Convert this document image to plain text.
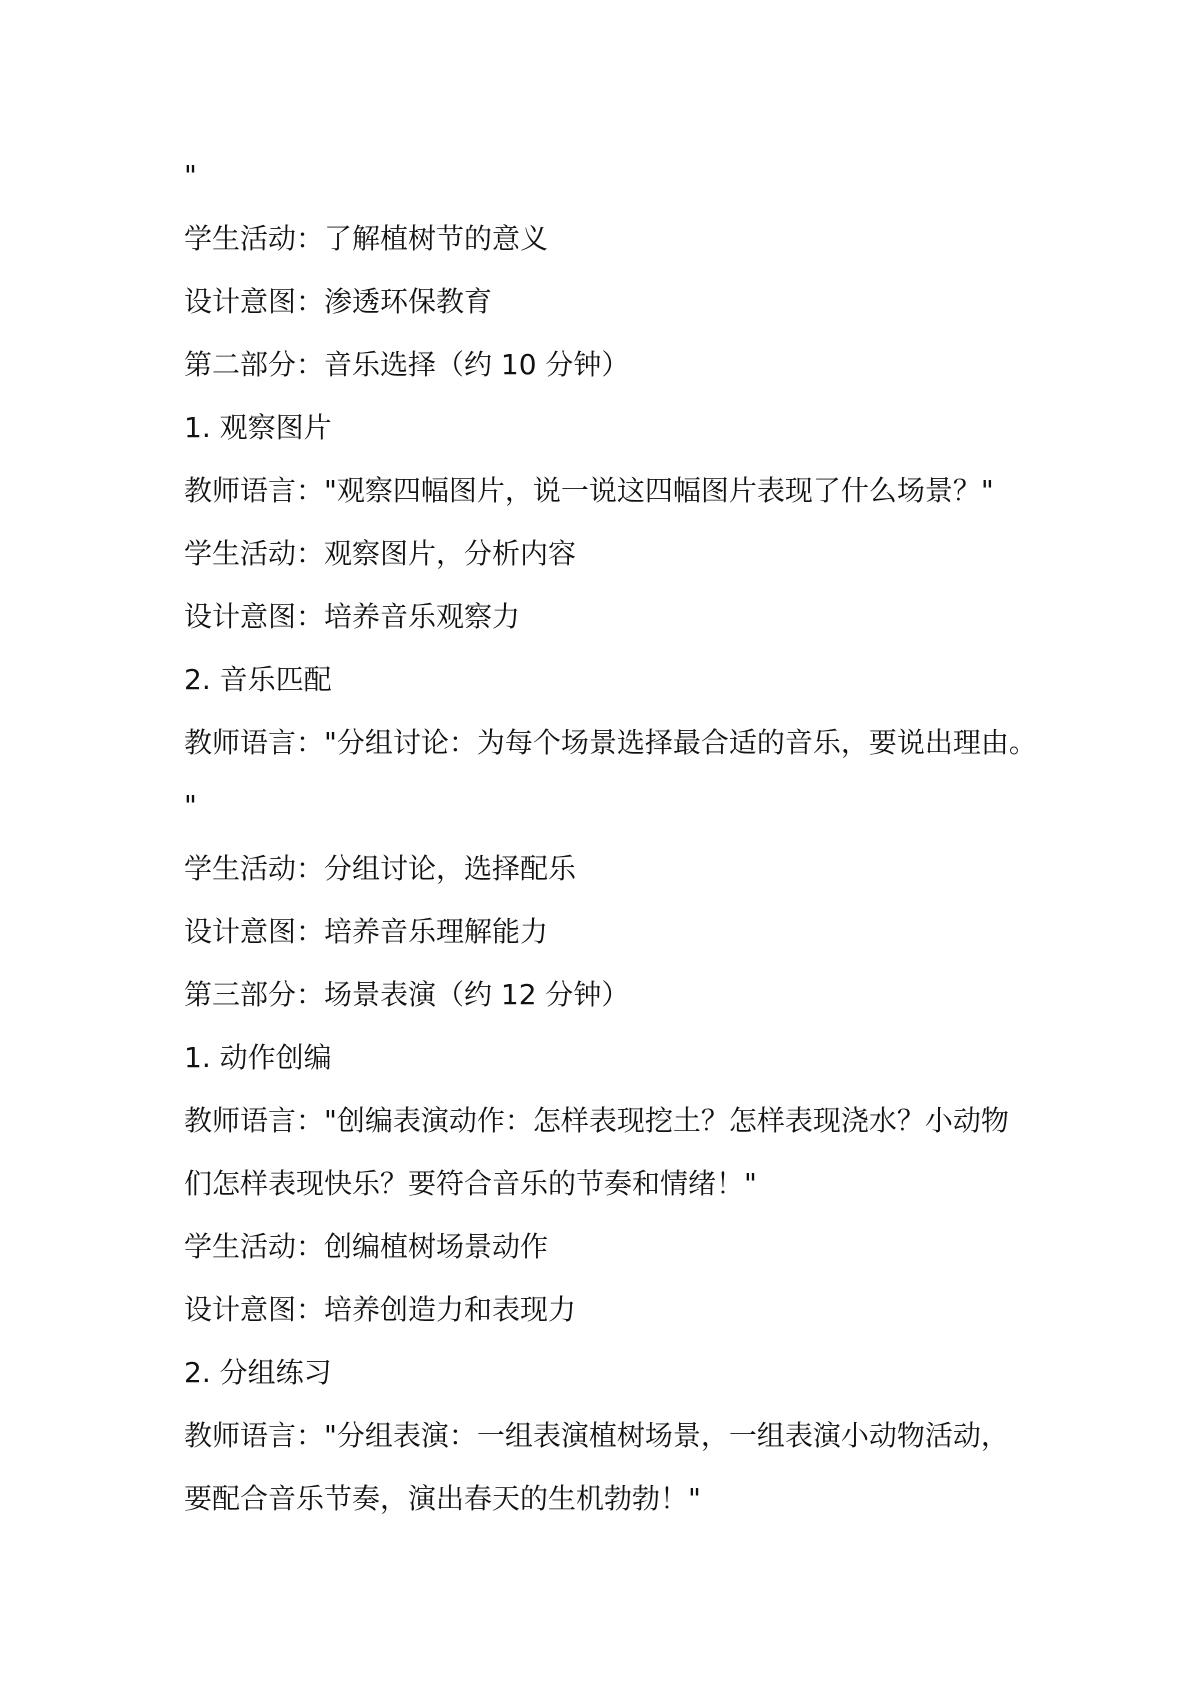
"
学生活动：了解植树节的意义
设计意图：渗透环保教育
第二部分：音乐选择（约 10 分钟）
1. 观察图片
教师语言："观察四幅图片，说一说这四幅图片表现了什么场景？"
学生活动：观察图片，分析内容
设计意图：培养音乐观察力
2. 音乐匹配
教师语言："分组讨论：为每个场景选择最合适的音乐，要说出理由。
"
学生活动：分组讨论，选择配乐
设计意图：培养音乐理解能力
第三部分：场景表演（约 12 分钟）
1. 动作创编
教师语言："创编表演动作：怎样表现挖土？怎样表现浇水？小动物
们怎样表现快乐？要符合音乐的节奏和情绪！"
学生活动：创编植树场景动作
设计意图：培养创造力和表现力
2. 分组练习
教师语言："分组表演：一组表演植树场景，一组表演小动物活动，
要配合音乐节奏，演出春天的生机勃勃！"
